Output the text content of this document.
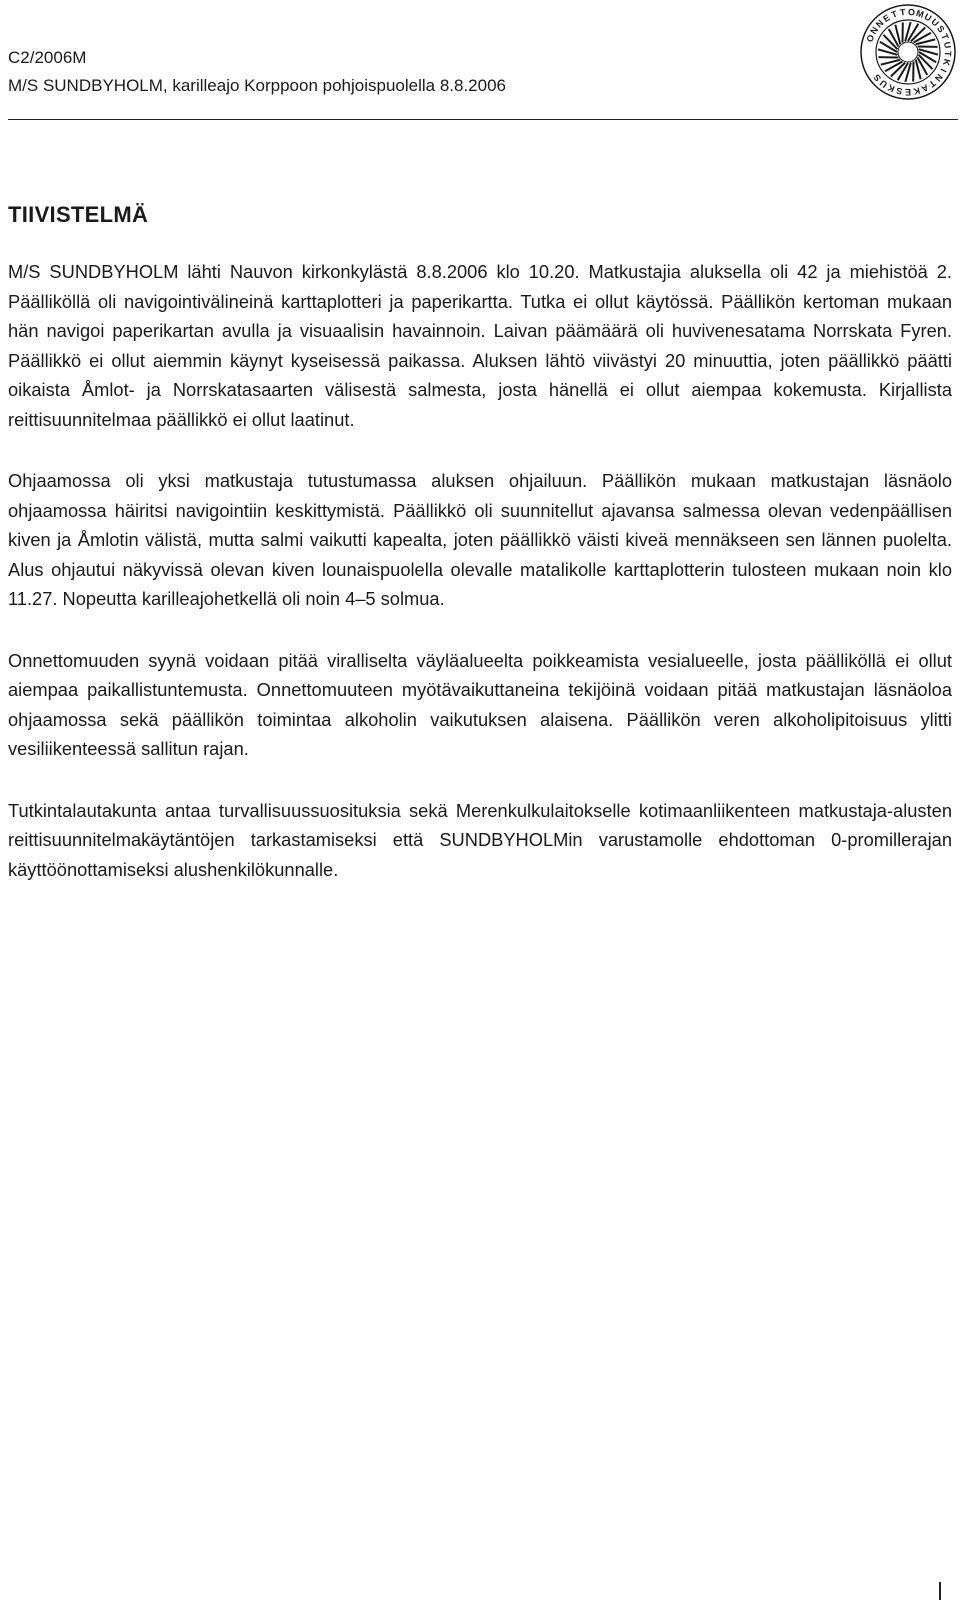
C2/2006M
M/S SUNDBYHOLM, karilleajo Korppoon pohjoispuolella 8.8.2006
O
N
N
E
T T O M
U
U
S
T
U
T
K
I
N
T
A
K
E
S
K
U
S
TIIVISTELMÄ

M/S SUNDBYHOLM lähti Nauvon kirkonkylästä 8.8.2006 klo 10.20. Matkustajia aluksella oli 42 ja miehistöä 2. Päälliköllä oli navigointivälineinä karttaplotteri ja paperikartta. Tutka ei ollut käytössä. Päällikön kertoman mukaan hän navigoi paperikartan avulla ja visuaalisin havainnoin. Laivan päämäärä oli huvivenesatama Norrskata Fyren. Päällikkö ei ollut aiemmin käynyt kyseisessä paikassa. Aluksen lähtö viivästyi 20 minuuttia, joten päällikkö päätti oikaista Åmlot- ja Norrskatasaarten välisestä salmesta, josta hänellä ei ollut aiempaa kokemusta. Kirjallista reittisuunnitelmaa päällikkö ei ollut laatinut.

Ohjaamossa oli yksi matkustaja tutustumassa aluksen ohjailuun. Päällikön mukaan matkustajan läsnäolo ohjaamossa häiritsi navigointiin keskittymistä. Päällikkö oli suunnitellut ajavansa salmessa olevan vedenpäällisen kiven ja Åmlotin välistä, mutta salmi vaikutti kapealta, joten päällikkö väisti kiveä mennäkseen sen lännen puolelta. Alus ohjautui näkyvissä olevan kiven lounaispuolella olevalle matalikolle karttaplotterin tulosteen mukaan noin klo 11.27. Nopeutta karilleajohetkellä oli noin 4–5 solmua.

Onnettomuuden syynä voidaan pitää viralliselta väyläalueelta poikkeamista vesialueelle, josta päälliköllä ei ollut aiempaa paikallistuntemusta. Onnettomuuteen myötävaikuttaneina tekijöinä voidaan pitää matkustajan läsnäoloa ohjaamossa sekä päällikön toimintaa alkoholin vaikutuksen alaisena. Päällikön veren alkoholipitoisuus ylitti vesiliikenteessä sallitun rajan.

Tutkintalautakunta antaa turvallisuussuosituksia sekä Merenkulkulaitokselle kotimaanliikenteen matkustaja-alusten reittisuunnitelmakäytäntöjen tarkastamiseksi että SUNDBYHOLMin varustamolle ehdottoman 0-promillerajan käyttöönottamiseksi alushenkilökunnalle.
